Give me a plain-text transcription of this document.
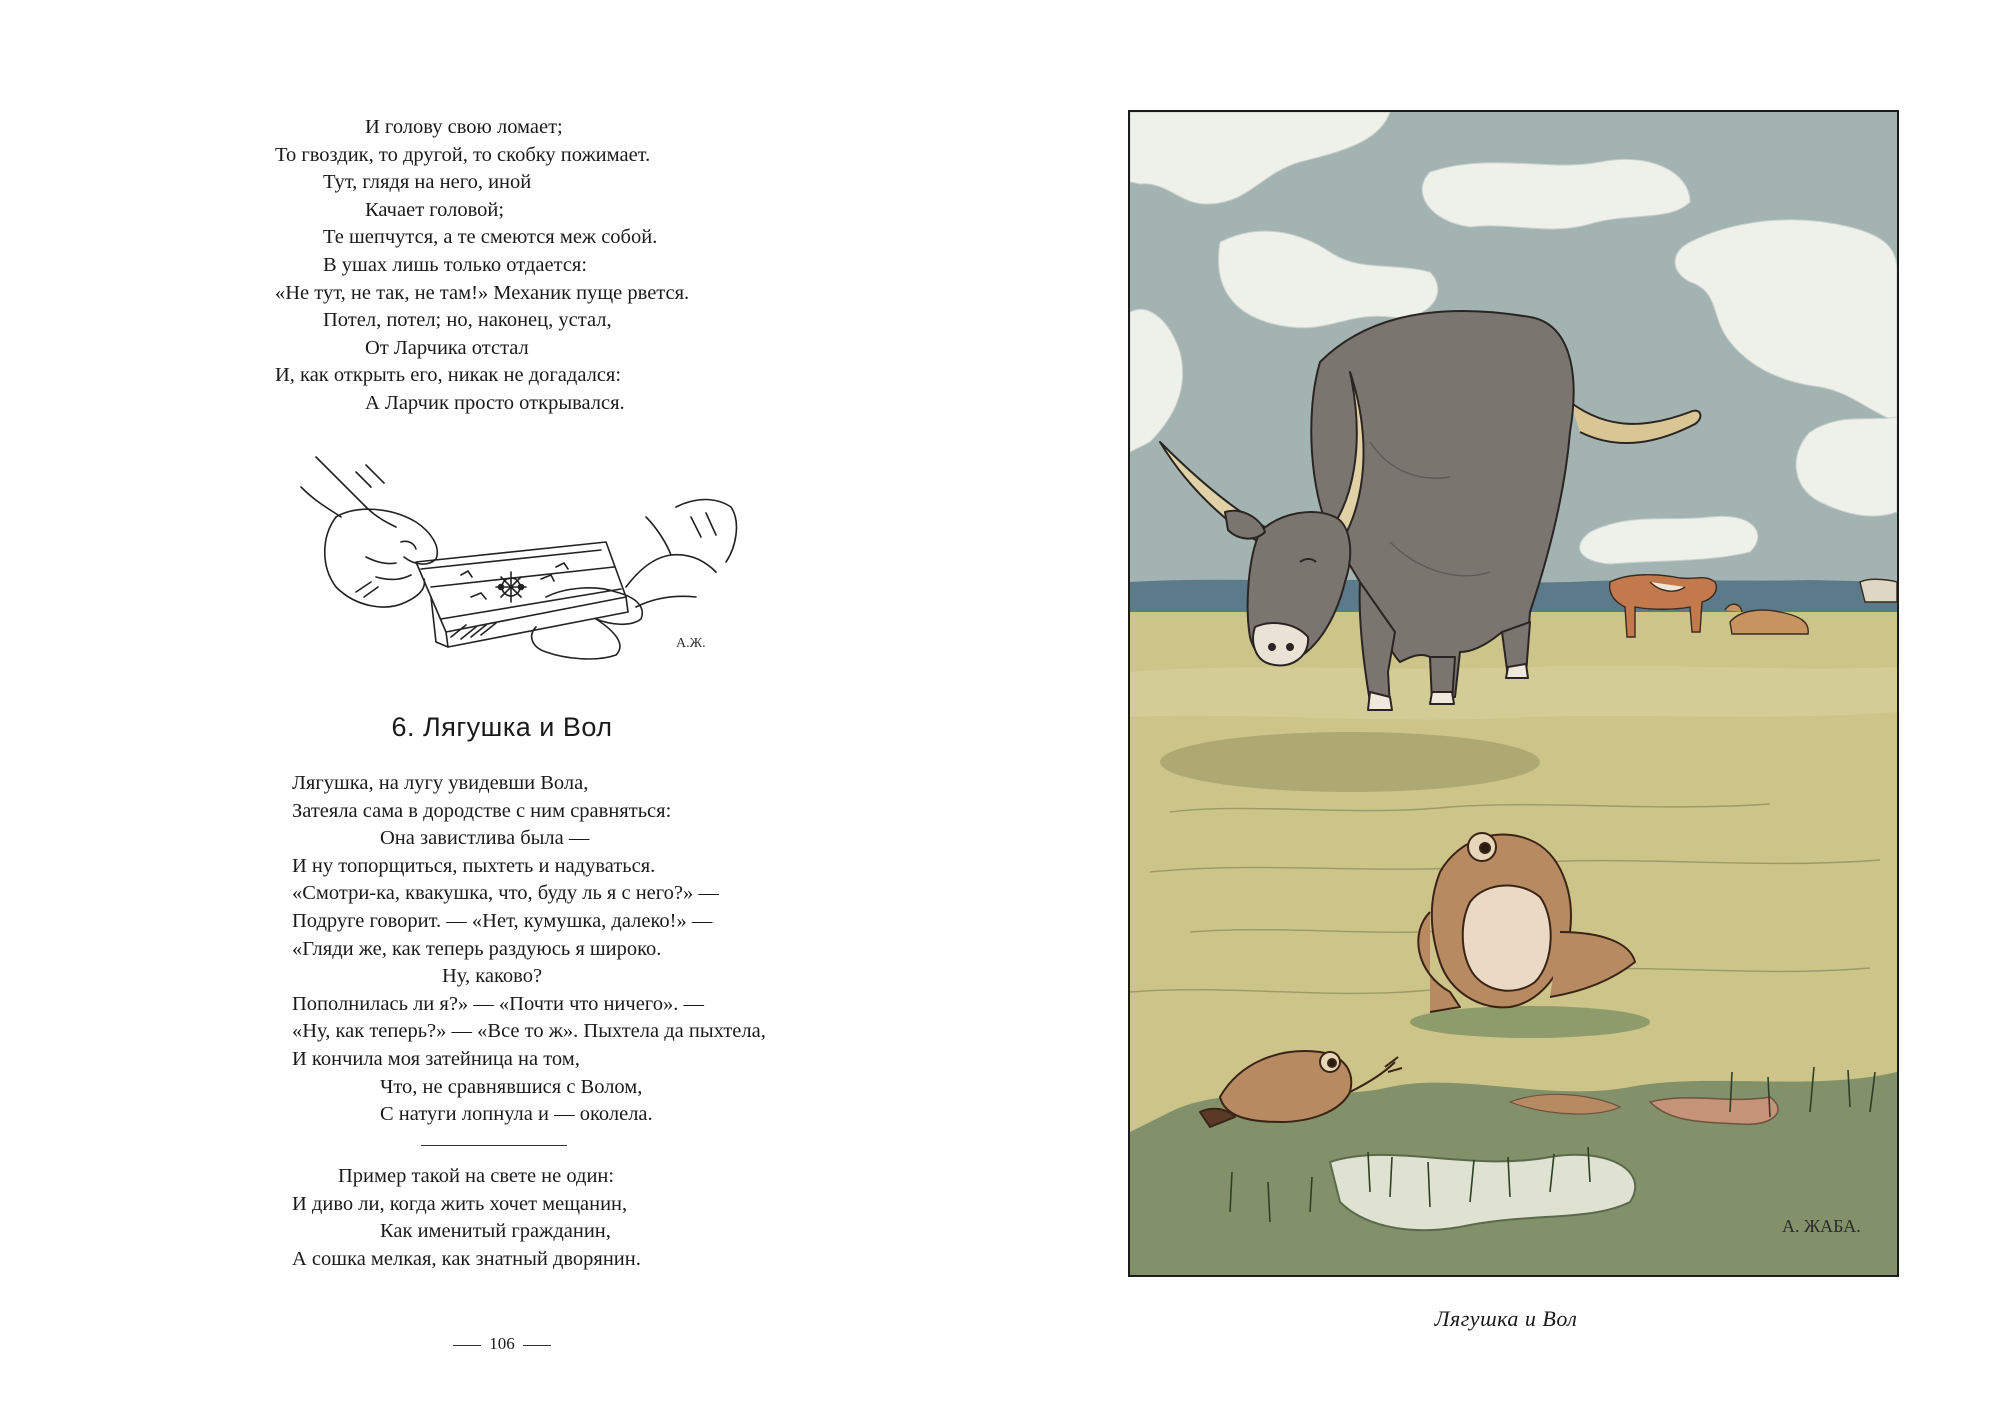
И голову свою ломает;
То гвоздик, то другой, то скобку пожимает.
Тут, глядя на него, иной
Качает головой;
Те шепчутся, а те смеются меж собой.
В ушах лишь только отдается:
«Не тут, не так, не там!» Механик пуще рвется.
Потел, потел; но, наконец, устал,
От Ларчика отстал
И, как открыть его, никак не догадался:
А Ларчик просто открывался.
А.Ж.
6. Лягушка и Вол
Лягушка, на лугу увидевши Вола,
Затеяла сама в дородстве с ним сравняться:
Она завистлива была —
И ну топорщиться, пыхтеть и надуваться.
«Смотри-ка, квакушка, что, буду ль я с него?» —
Подруге говорит. — «Нет, кумушка, далеко!» —
«Гляди же, как теперь раздуюсь я широко.
Ну, каково?
Пополнилась ли я?» — «Почти что ничего». —
«Ну, как теперь?» — «Все то ж». Пыхтела да пыхтела,
И кончила моя затейница на том,
Что, не сравнявшися с Волом,
С натуги лопнула и — околела.
Пример такой на свете не один:
И диво ли, когда жить хочет мещанин,
Как именитый гражданин,
А сошка мелкая, как знатный дворянин.
106
А. ЖАБА.
Лягушка и Вол
